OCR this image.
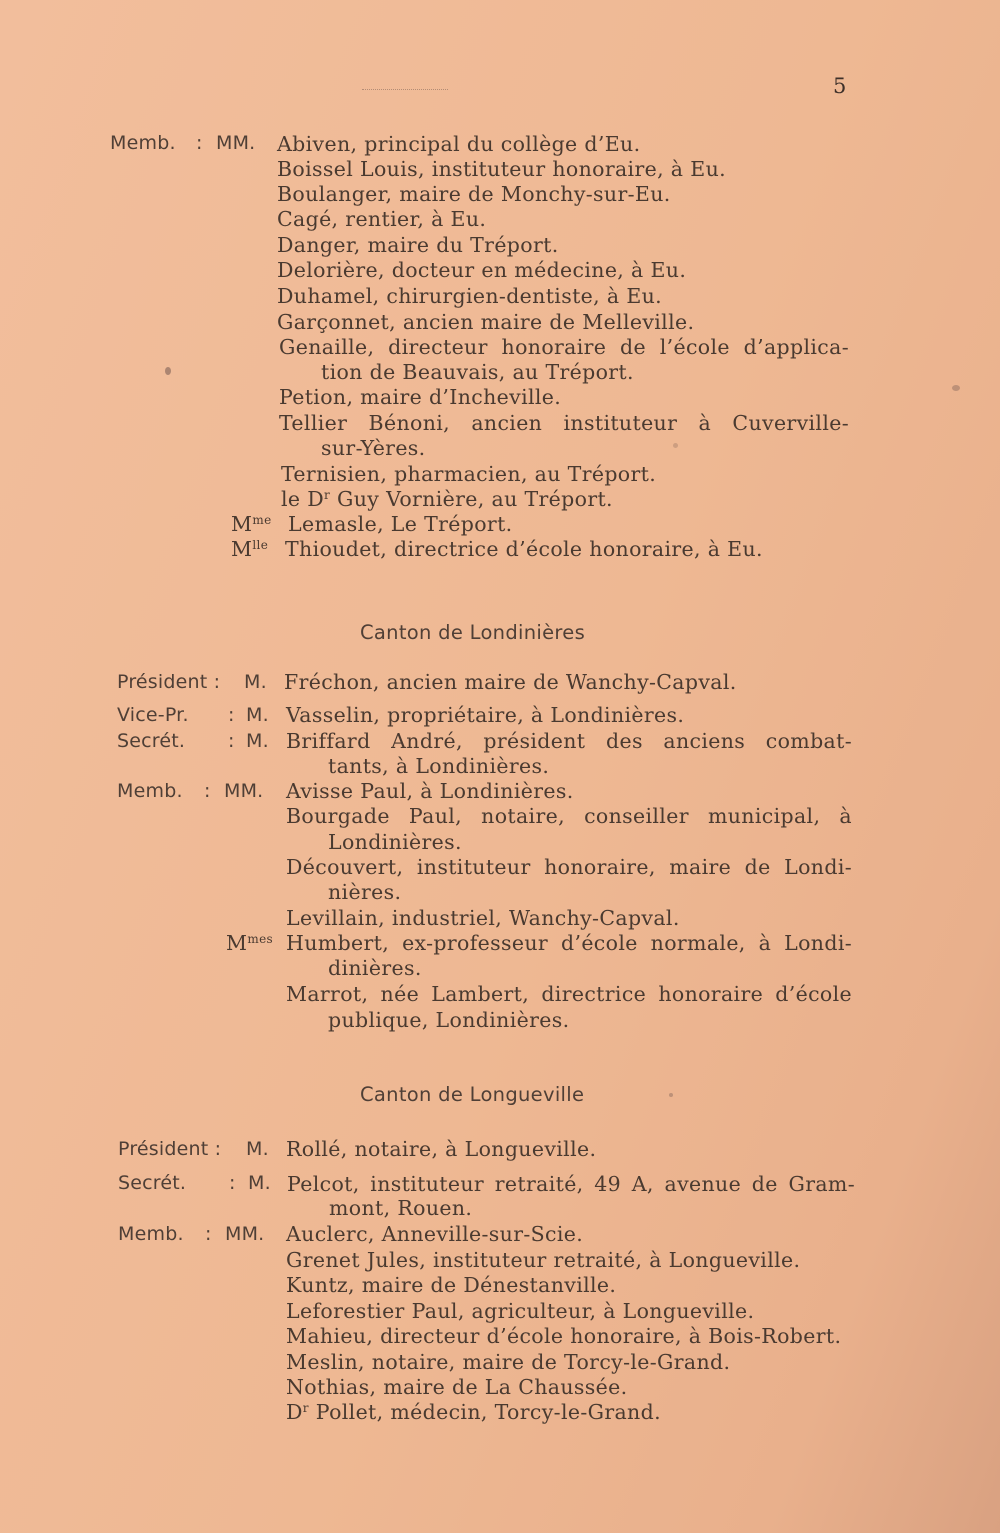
5
Memb. : MM. Abiven, principal du collège d’Eu.
Boissel Louis, instituteur honoraire, à Eu.
Boulanger, maire de Monchy-sur-Eu.
Cagé, rentier, à Eu.
Danger, maire du Tréport.
Delorière, docteur en médecine, à Eu.
Duhamel, chirurgien-dentiste, à Eu.
Garçonnet, ancien maire de Melleville.
Genaille, directeur honoraire de l’école d’applica-
tion de Beauvais, au Tréport.
Petion, maire d’Incheville.
Tellier Bénoni, ancien instituteur à Cuverville-
sur-Yères.
Ternisien, pharmacien, au Tréport.
le $D^r$ Guy Vornière, au Tréport.
$M^{me}$ Lemasle, Le Tréport.
$M^{lle}$ Thioudet, directrice d’école honoraire, à Eu.
Canton de Londinières
Président : M. Fréchon, ancien maire de Wanchy-Capval.
Vice-Pr. : M. Vasselin, propriétaire, à Londinières.
Secrét. : M. Briffard André, président des anciens combat-
tants, à Londinières.
Memb. : MM. Avisse Paul, à Londinières.
Bourgade Paul, notaire, conseiller municipal, à
Londinières.
Découvert, instituteur honoraire, maire de Londi-
nières.
Levillain, industriel, Wanchy-Capval.
$M^{mes}$ Humbert, ex-professeur d’école normale, à Londi-
dinières.
Marrot, née Lambert, directrice honoraire d’école
publique, Londinières.
Canton de Longueville
Président : M. Rollé, notaire, à Longueville.
Secrét. : M. Pelcot, instituteur retraité, 49 A, avenue de Gram-
mont, Rouen.
Memb. : MM. Auclerc, Anneville-sur-Scie.
Grenet Jules, instituteur retraité, à Longueville.
Kuntz, maire de Dénestanville.
Leforestier Paul, agriculteur, à Longueville.
Mahieu, directeur d’école honoraire, à Bois-Robert.
Meslin, notaire, maire de Torcy-le-Grand.
Nothias, maire de La Chaussée.
$D^r$ Pollet, médecin, Torcy-le-Grand.
